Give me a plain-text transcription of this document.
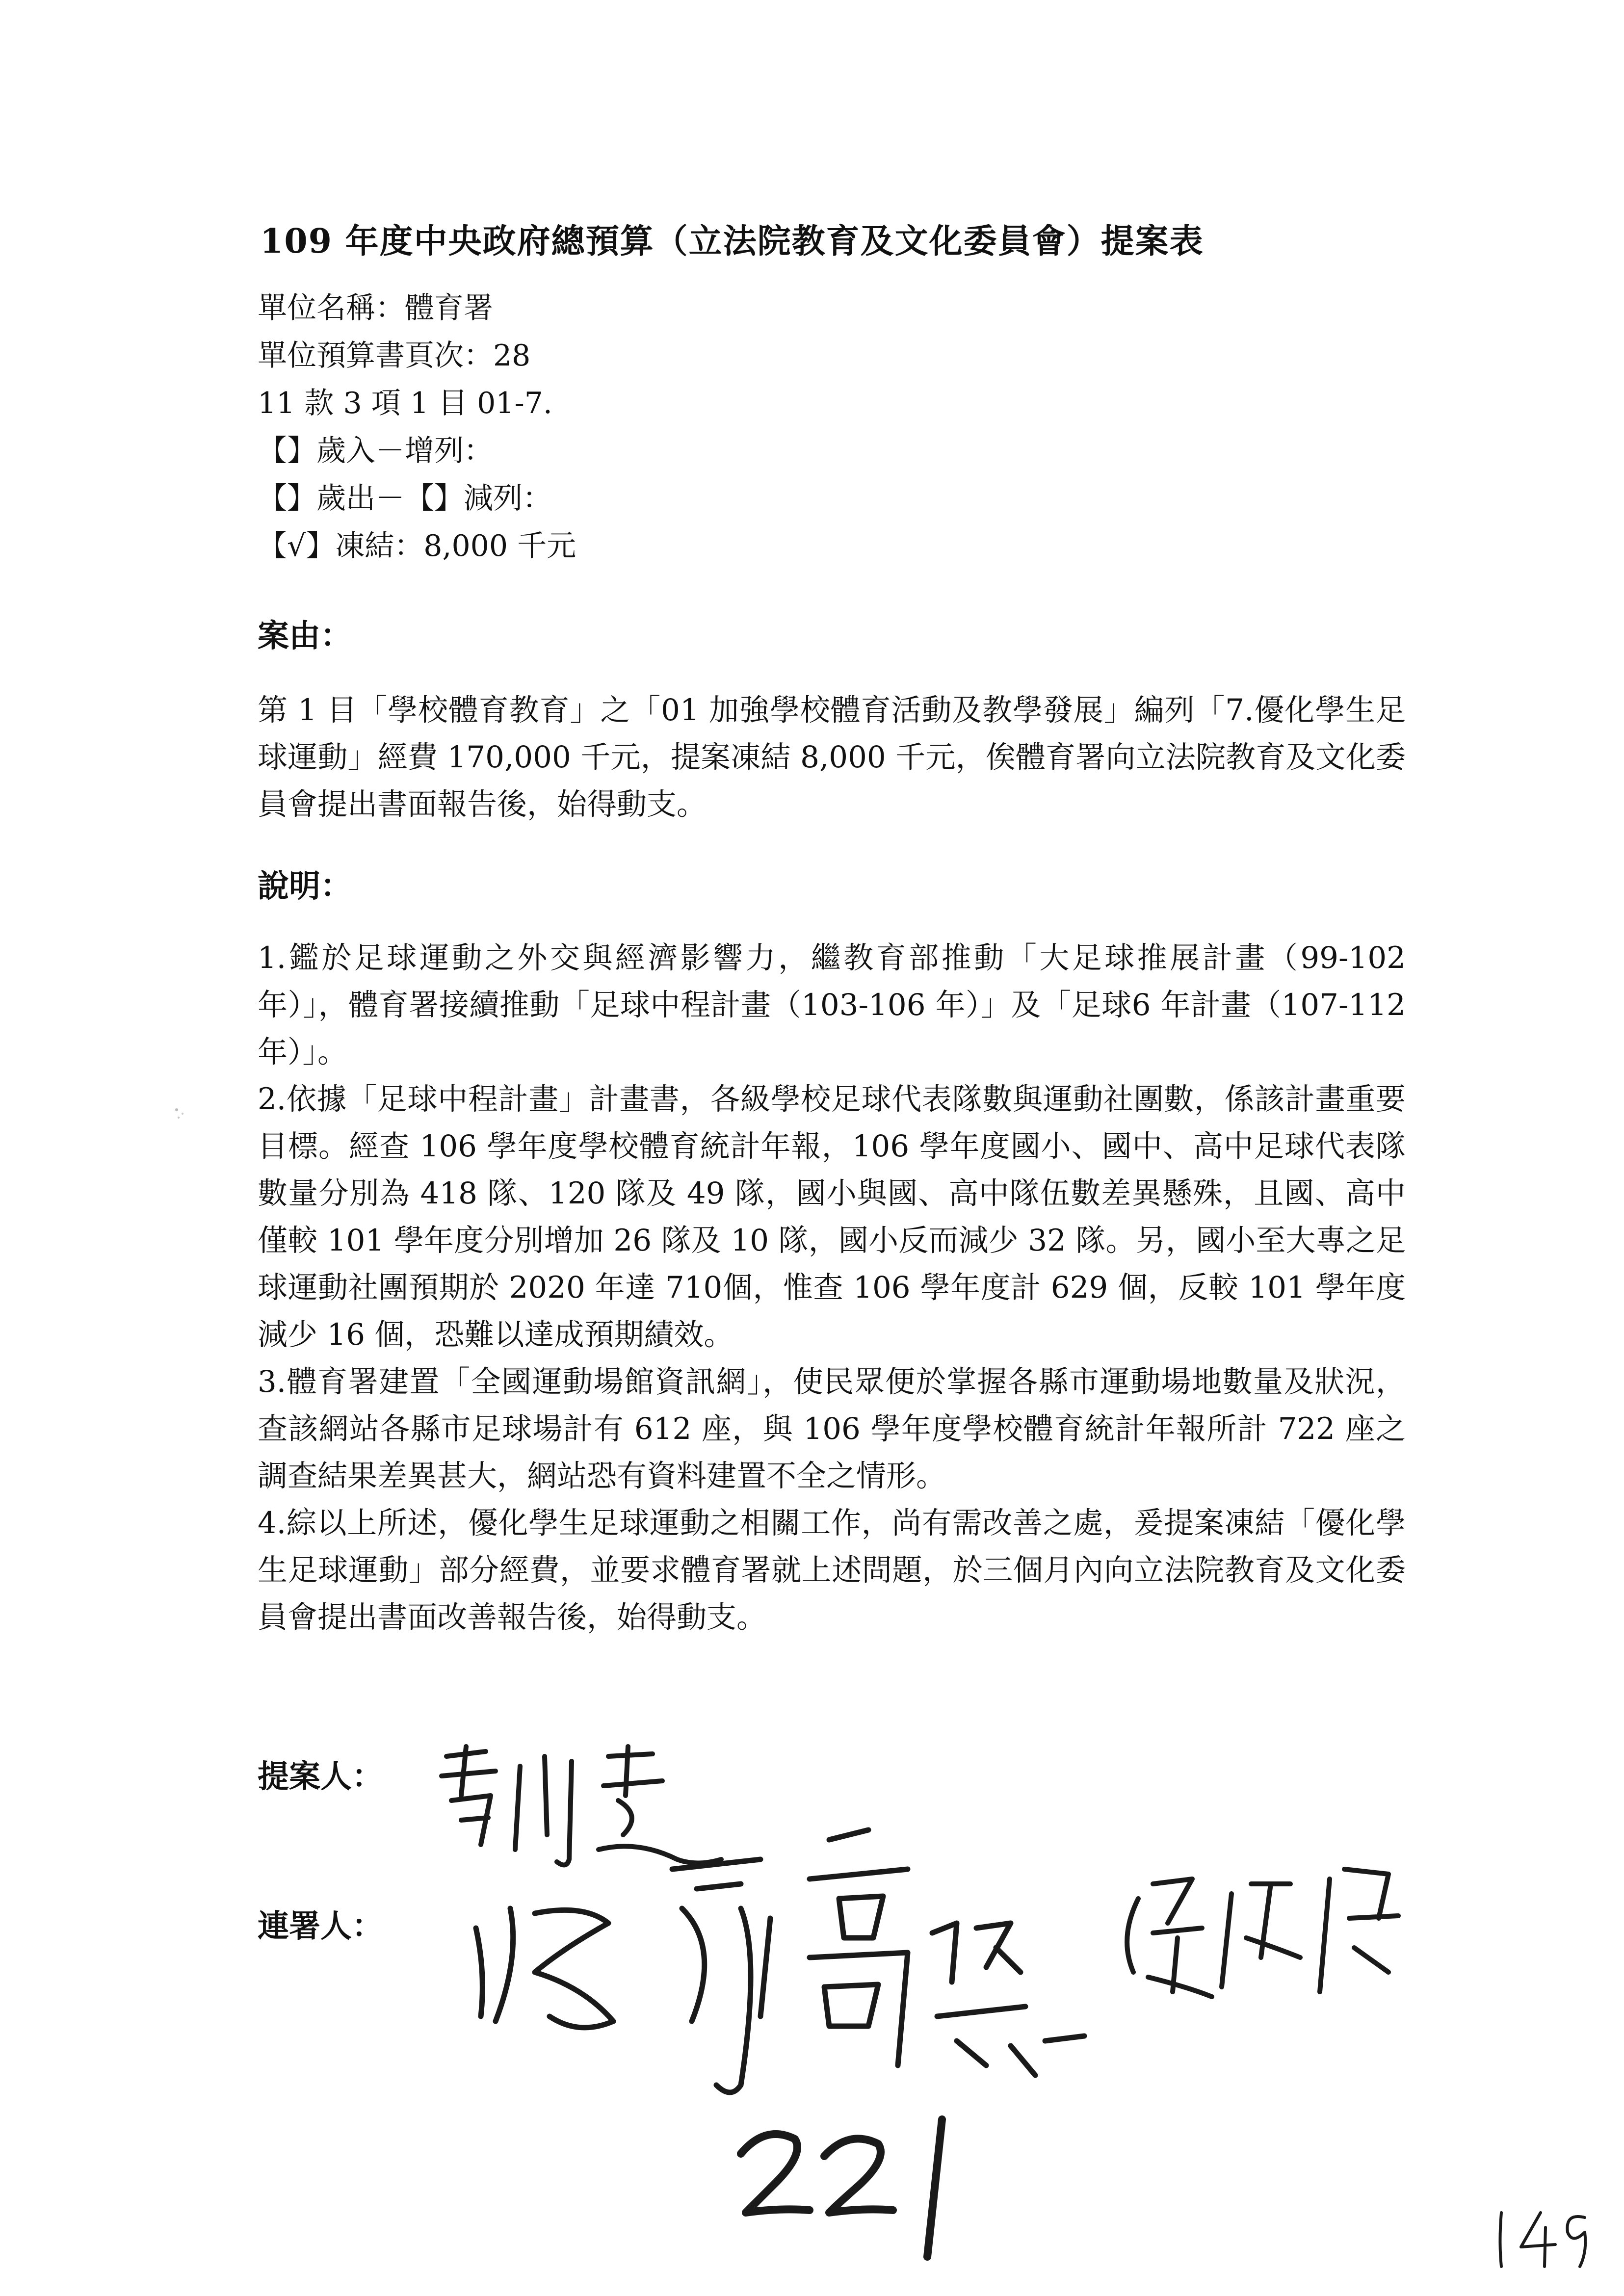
109 年度中央政府總預算（立法院教育及文化委員會）提案表
單位名稱：體育署
單位預算書頁次：28
11 款 3 項 1 目 01-7.
【】歲入－增列：
【】歲出－【】減列：
【√】凍結：8,000 千元
案由：
第 1 目「學校體育教育」之「01 加強學校體育活動及教學發展」編列「7.優化學生足球運動」經費 170,000 千元，提案凍結 8,000 千元，俟體育署向立法院教育及文化委員會提出書面報告後，始得動支。
說明：

1.鑑於足球運動之外交與經濟影響力，繼教育部推動「大足球推展計畫（99-102 年）」，體育署接續推動「足球中程計畫（103-106 年）」及「足球6 年計畫（107-112 年）」。

2.依據「足球中程計畫」計畫書，各級學校足球代表隊數與運動社團數，係該計畫重要目標。經查 106 學年度學校體育統計年報，106 學年度國小、國中、高中足球代表隊數量分別為 418 隊、120 隊及 49 隊，國小與國、高中隊伍數差異懸殊，且國、高中僅較 101 學年度分別增加 26 隊及 10 隊，國小反而減少 32 隊。另，國小至大專之足球運動社團預期於 2020 年達 710個，惟查 106 學年度計 629 個，反較 101 學年度減少 16 個，恐難以達成預期績效。

3.體育署建置「全國運動場館資訊網」，使民眾便於掌握各縣市運動場地數量及狀況，查該網站各縣市足球場計有 612 座，與 106 學年度學校體育統計年報所計 722 座之調查結果差異甚大，網站恐有資料建置不全之情形。

4.綜以上所述，優化學生足球運動之相關工作，尚有需改善之處，爰提案凍結「優化學生足球運動」部分經費，並要求體育署就上述問題，於三個月內向立法院教育及文化委員會提出書面改善報告後，始得動支。

提案人：
連署人：
